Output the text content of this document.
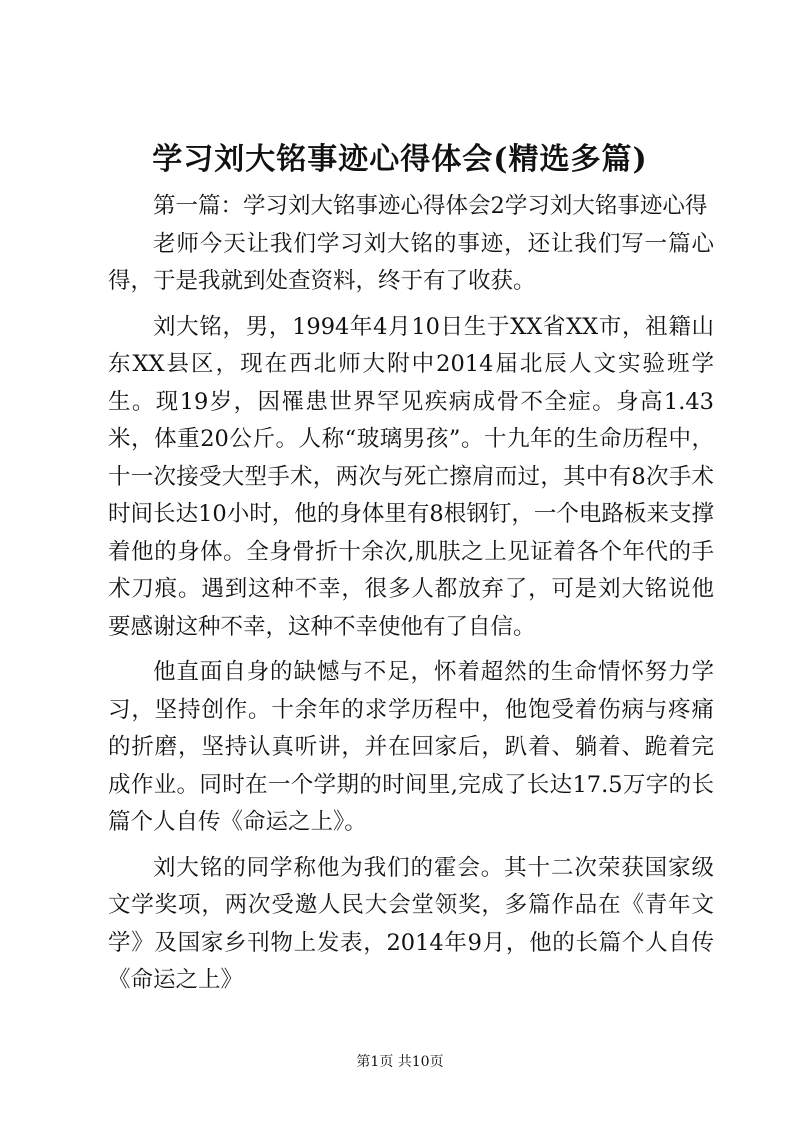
学习刘大铭事迹心得体会(精选多篇)

第一篇：学习刘大铭事迹心得体会2学习刘大铭事迹心得

老师今天让我们学习刘大铭的事迹，还让我们写一篇心得，于是我就到处查资料，终于有了收获。

刘大铭，男，1994年4月10日生于XX省XX市，祖籍山东XX县区，现在西北师大附中2014届北辰人文实验班学生。现19岁，因罹患世界罕见疾病成骨不全症。身高1.43米，体重20公斤。人称“玻璃男孩”。十九年的生命历程中，十一次接受大型手术，两次与死亡擦肩而过，其中有8次手术时间长达10小时，他的身体里有8根钢钉，一个电路板来支撑着他的身体。全身骨折十余次,肌肤之上见证着各个年代的手术刀痕。遇到这种不幸，很多人都放弃了，可是刘大铭说他要感谢这种不幸，这种不幸使他有了自信。

他直面自身的缺憾与不足，怀着超然的生命情怀努力学习，坚持创作。十余年的求学历程中，他饱受着伤病与疼痛的折磨，坚持认真听讲，并在回家后，趴着、躺着、跪着完成作业。同时在一个学期的时间里,完成了长达17.5万字的长篇个人自传《命运之上》。

刘大铭的同学称他为我们的霍会。其十二次荣获国家级文学奖项，两次受邀人民大会堂领奖，多篇作品在《青年文学》及国家乡刊物上发表，2014年9月，他的长篇个人自传《命运之上》

第1页 共10页
